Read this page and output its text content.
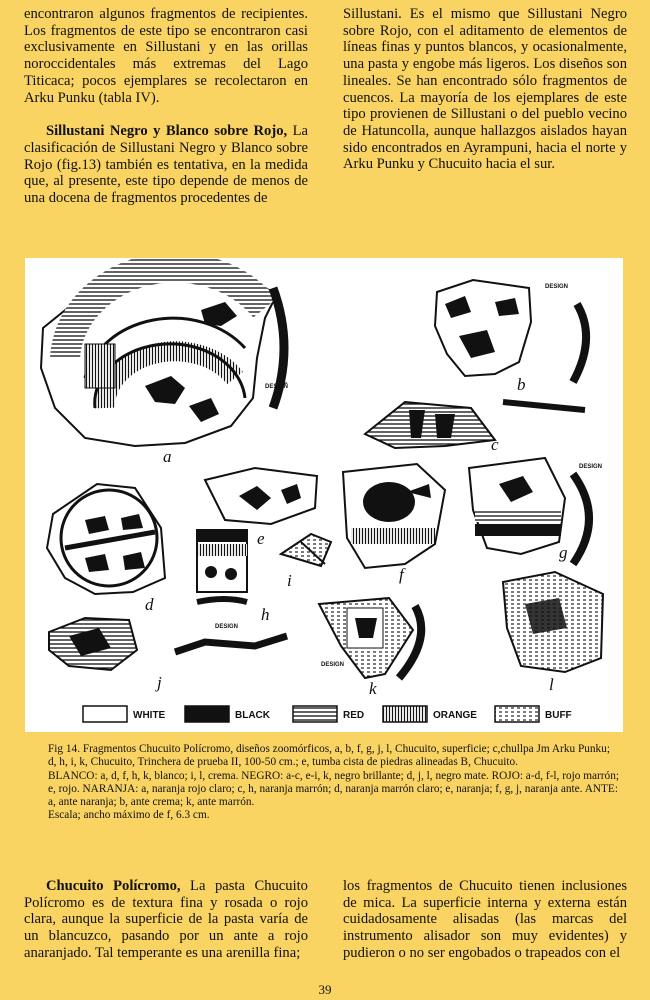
encontraron algunos fragmentos de recipientes. Los fragmentos de este tipo se encontraron casi exclusivamente en Sillustani y en las orillas noroccidentales más extremas del Lago Titicaca; pocos ejemplares se recolectaron en Arku Punku (tabla IV).

Sillustani Negro y Blanco sobre Rojo, La clasificación de Sillustani Negro y Blanco sobre Rojo (fig.13) también es tentativa, en la medida que, al presente, este tipo depende de menos de una docena de fragmentos procedentes de

Sillustani. Es el mismo que Sillustani Negro sobre Rojo, con el aditamento de elementos de líneas finas y puntos blancos, y ocasionalmente, una pasta y engobe más ligeros. Los diseños son lineales. Se han encontrado sólo fragmentos de cuencos. La mayoría de los ejemplares de este tipo provienen de Sillustani o del pueblo vecino de Hatuncolla, aunque hallazgos aislados hayan sido encontrados en Ayrampuni, hacia el norte y Arku Punku y Chucuito hacia el sur.

DESIGN
a
DESIGN
b
c
d
e
h
DESIGN
i	f
DESIGN
g
j
DESIGN
k	l
WHITE	BLACK	RED	ORANGE	BUFF
Fig 14. Fragmentos Chucuito Polícromo, diseños zoomórficos, a, b, f, g, j, l, Chucuito, superficie; c,chullpa Jm Arku Punku; d, h, i, k, Chucuito, Trinchera de prueba II, 100-50 cm.; e, tumba cista de piedras alineadas B, Chucuito.
BLANCO: a, d, f, h, k, blanco; i, l, crema. NEGRO: a-c, e-i, k, negro brillante; d, j, l, negro mate. ROJO: a-d, f-l, rojo marrón; e, rojo. NARANJA: a, naranja rojo claro; c, h, naranja marrón; d, naranja marrón claro; e, naranja; f, g, j, naranja ante. ANTE: a, ante naranja; b, ante crema; k, ante marrón.
Escala; ancho máximo de f, 6.3 cm.

Chucuito Polícromo, La pasta Chucuito Polícromo es de textura fina y rosada o rojo clara, aunque la superficie de la pasta varía de un blancuzco, pasando por un ante a rojo anaranjado. Tal temperante es una arenilla fina;

los fragmentos de Chucuito tienen inclusiones de mica. La superficie interna y externa están cuidadosamente alisadas (las marcas del instrumento alisador son muy evidentes) y pudieron o no ser engobados o trapeados con el

39
